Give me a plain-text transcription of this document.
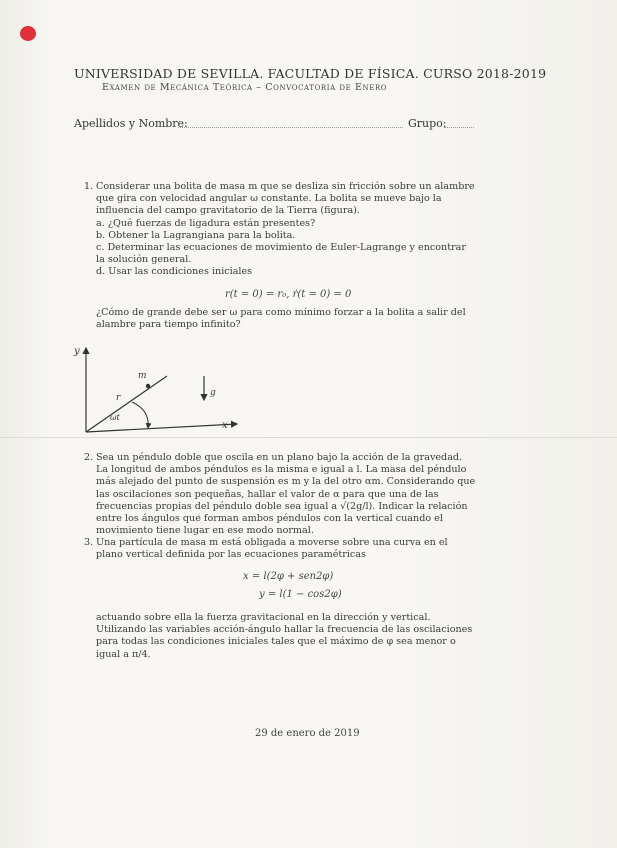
UNIVERSIDAD DE SEVILLA. FACULTAD DE FÍSICA. CURSO 2018-2019
Examen de Mecánica Teórica – Convocatoria de Enero
Apellidos y Nombre:	Grupo:
1. Considerar una bolita de masa m que se desliza sin fricción sobre un alambre que gira con velocidad angular ω constante. La bolita se mueve bajo la influencia del campo gravitatorio de la Tierra (figura).
a. ¿Qué fuerzas de ligadura están presentes?
b. Obtener la Lagrangiana para la bolita.
c. Determinar las ecuaciones de movimiento de Euler-Lagrange y encontrar la solución general.
d. Usar las condiciones iniciales
r(t = 0) = r₀, ṙ(t = 0) = 0
¿Cómo de grande debe ser ω para como mínimo forzar a la bolita a salir del alambre para tiempo infinito?
y
x
m
r	g
ωt
2. Sea un péndulo doble que oscila en un plano bajo la acción de la gravedad. La longitud de ambos péndulos es la misma e igual a l. La masa del péndulo más alejado del punto de suspensión es m y la del otro αm. Considerando que las oscilaciones son pequeñas, hallar el valor de α para que una de las frecuencias propias del péndulo doble sea igual a √(2g/l). Indicar la relación entre los ángulos que forman ambos péndulos con la vertical cuando el movimiento tiene lugar en ese modo normal.
3. Una partícula de masa m está obligada a moverse sobre una curva en el plano vertical definida por las ecuaciones paramétricas
x = l(2φ + sen2φ)
y = l(1 − cos2φ)
actuando sobre ella la fuerza gravitacional en la dirección y vertical. Utilizando las variables acción-ángulo hallar la frecuencia de las oscilaciones para todas las condiciones iniciales tales que el máximo de φ sea menor o igual a π/4.
29 de enero de 2019
